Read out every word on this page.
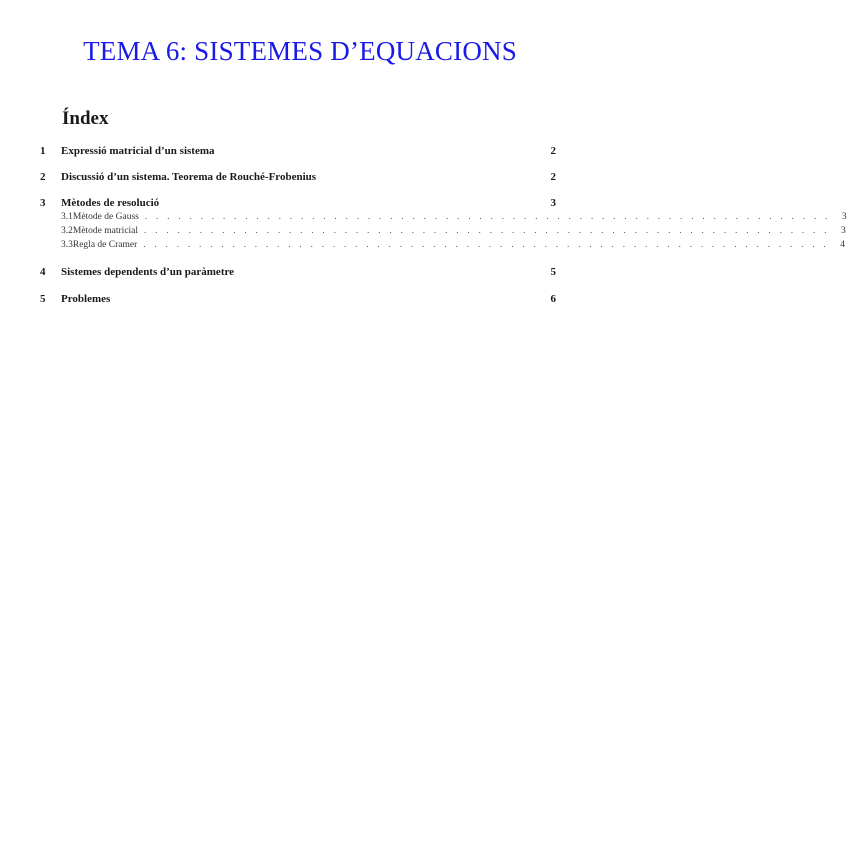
TEMA 6: SISTEMES D’EQUACIONS
Índex
1	Expressió matricial d’un sistema	2
2	Discussió d’un sistema. Teorema de Rouché-Frobenius	2
3	Mètodes de resolució	3
3.1 Mètode de Gauss . . . . . . . . . . . . . . . . . . . . . . . . . . . . . . . . . . . . . . . . . . . . . . . . . . . . . . . . . . . . . .	3
3.2 Mètode matricial . . . . . . . . . . . . . . . . . . . . . . . . . . . . . . . . . . . . . . . . . . . . . . . . . . . . . . . . . . . . . .	3
3.3 Regla de Cramer . . . . . . . . . . . . . . . . . . . . . . . . . . . . . . . . . . . . . . . . . . . . . . . . . . . . . . . . . . . . . .	4
4	Sistemes dependents d’un paràmetre	5
5	Problemes	6
